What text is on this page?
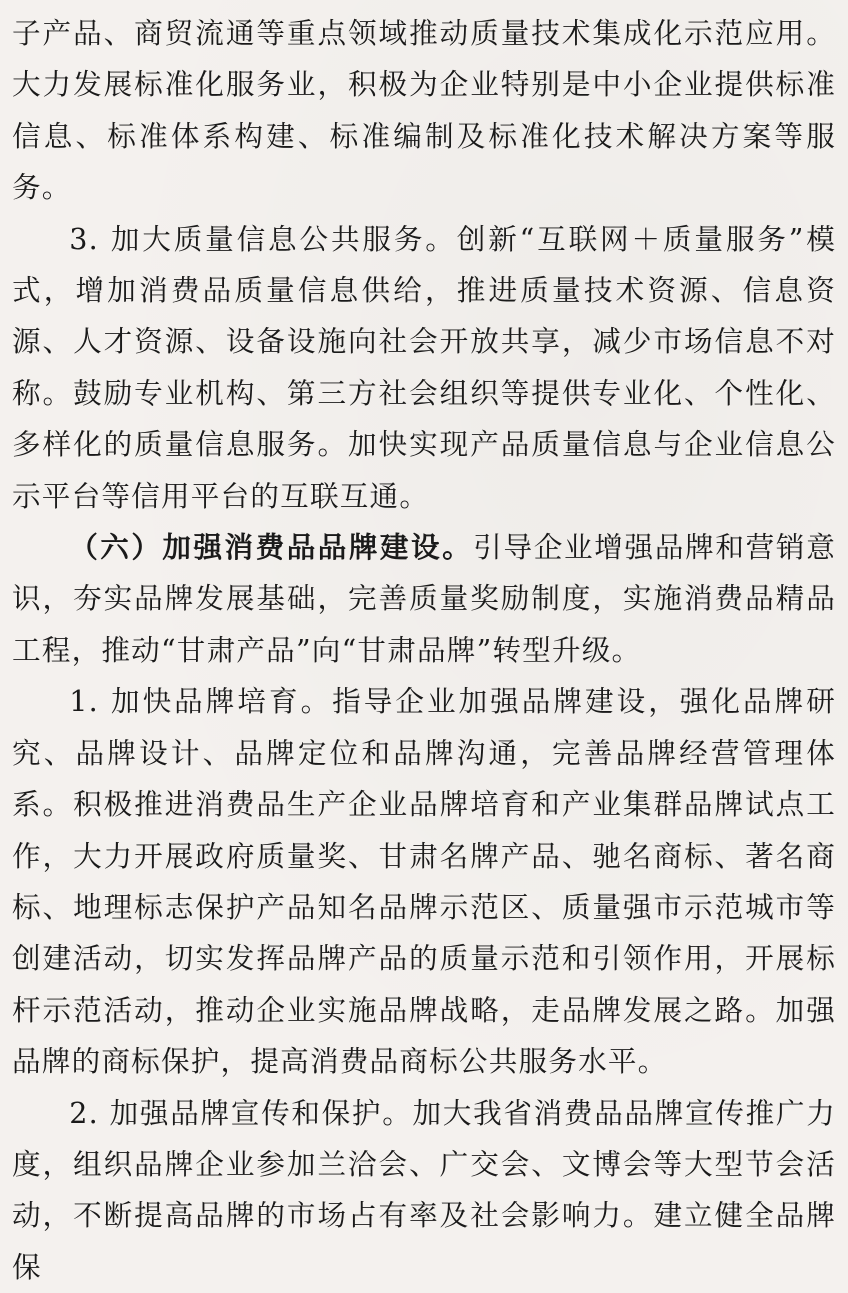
子产品、商贸流通等重点领域推动质量技术集成化示范应用。大力发展标准化服务业，积极为企业特别是中小企业提供标准信息、标准体系构建、标准编制及标准化技术解决方案等服务。

3. 加大质量信息公共服务。创新“互联网＋质量服务”模式，增加消费品质量信息供给，推进质量技术资源、信息资源、人才资源、设备设施向社会开放共享，减少市场信息不对称。鼓励专业机构、第三方社会组织等提供专业化、个性化、多样化的质量信息服务。加快实现产品质量信息与企业信息公示平台等信用平台的互联互通。

（六）加强消费品品牌建设。引导企业增强品牌和营销意识，夯实品牌发展基础，完善质量奖励制度，实施消费品精品工程，推动“甘肃产品”向“甘肃品牌”转型升级。

1. 加快品牌培育。指导企业加强品牌建设，强化品牌研究、品牌设计、品牌定位和品牌沟通，完善品牌经营管理体系。积极推进消费品生产企业品牌培育和产业集群品牌试点工作，大力开展政府质量奖、甘肃名牌产品、驰名商标、著名商标、地理标志保护产品知名品牌示范区、质量强市示范城市等创建活动，切实发挥品牌产品的质量示范和引领作用，开展标杆示范活动，推动企业实施品牌战略，走品牌发展之路。加强品牌的商标保护，提高消费品商标公共服务水平。

2. 加强品牌宣传和保护。加大我省消费品品牌宣传推广力度，组织品牌企业参加兰洽会、广交会、文博会等大型节会活动，不断提高品牌的市场占有率及社会影响力。建立健全品牌保
